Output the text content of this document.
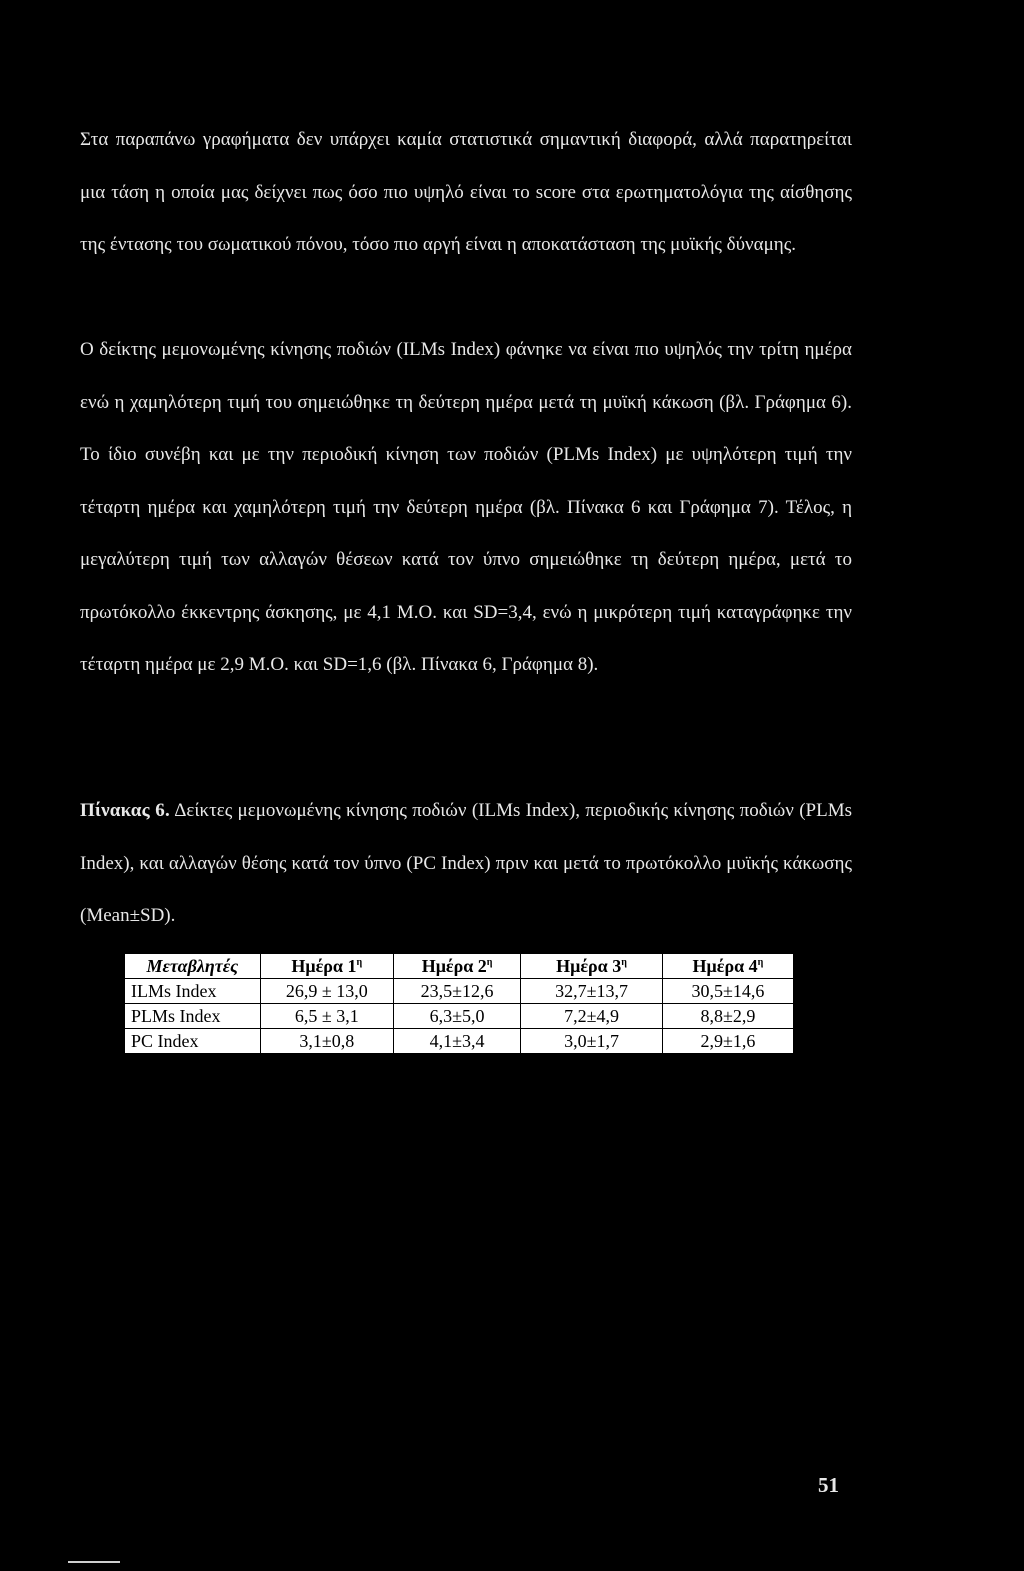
Στα παραπάνω γραφήματα δεν υπάρχει καμία στατιστικά σημαντική διαφορά, αλλά παρατηρείται μια τάση η οποία μας δείχνει πως όσο πιο υψηλό είναι το score στα ερωτηματολόγια της αίσθησης της έντασης του σωματικού πόνου, τόσο πιο αργή είναι η αποκατάσταση της μυϊκής δύναμης.

Ο δείκτης μεμονωμένης κίνησης ποδιών (ILMs Index) φάνηκε να είναι πιο υψηλός την τρίτη ημέρα ενώ η χαμηλότερη τιμή του σημειώθηκε τη δεύτερη ημέρα μετά τη μυϊκή κάκωση (βλ. Γράφημα 6). Το ίδιο συνέβη και με την περιοδική κίνηση των ποδιών (PLMs Index) με υψηλότερη τιμή την τέταρτη ημέρα και χαμηλότερη τιμή την δεύτερη ημέρα (βλ. Πίνακα 6 και Γράφημα 7). Τέλος, η μεγαλύτερη τιμή των αλλαγών θέσεων κατά τον ύπνο σημειώθηκε τη δεύτερη ημέρα, μετά το πρωτόκολλο έκκεντρης άσκησης, με 4,1 Μ.Ο. και SD=3,4, ενώ η μικρότερη τιμή καταγράφηκε την τέταρτη ημέρα με 2,9 Μ.Ο. και SD=1,6 (βλ. Πίνακα 6, Γράφημα 8).

Πίνακας 6. Δείκτες μεμονωμένης κίνησης ποδιών (ILMs Index), περιοδικής κίνησης ποδιών (PLMs Index), και αλλαγών θέσης κατά τον ύπνο (PC Index) πριν και μετά το πρωτόκολλο μυϊκής κάκωσης (Mean±SD).

Μεταβλητές	Ημέρα $1^\eta$	Ημέρα $2^\eta$	Ημέρα $3^\eta$	Ημέρα $4^\eta$
ILMs Index	26,9 ± 13,0	23,5±12,6	32,7±13,7	30,5±14,6
PLMs Index	6,5 ± 3,1	6,3±5,0	7,2±4,9	8,8±2,9
PC Index	3,1±0,8	4,1±3,4	3,0±1,7	2,9±1,6
51
